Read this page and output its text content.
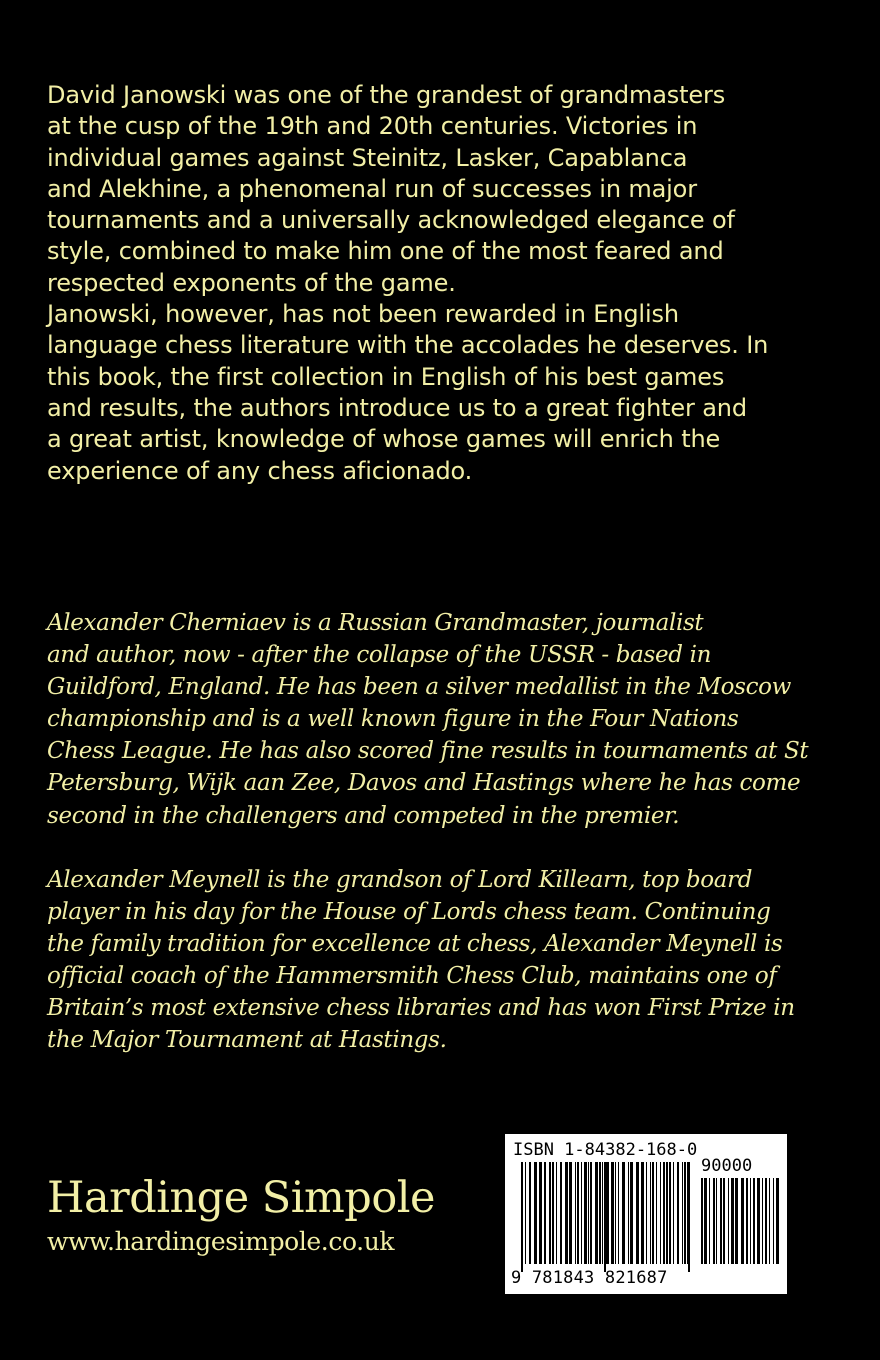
David Janowski was one of the grandest of grandmasters
at the cusp of the 19th and 20th centuries. Victories in
individual games against Steinitz, Lasker, Capablanca
and Alekhine, a phenomenal run of successes in major
tournaments and a universally acknowledged elegance of
style, combined to make him one of the most feared and
respected exponents of the game.
Janowski, however, has not been rewarded in English
language chess literature with the accolades he deserves. In
this book, the first collection in English of his best games
and results, the authors introduce us to a great fighter and
a great artist, knowledge of whose games will enrich the
experience of any chess aficionado.
Alexander Cherniaev is a Russian Grandmaster, journalist
and author, now - after the collapse of the USSR - based in
Guildford, England. He has been a silver medallist in the Moscow
championship and is a well known figure in the Four Nations
Chess League. He has also scored fine results in tournaments at St
Petersburg, Wijk aan Zee, Davos and Hastings where he has come
second in the challengers and competed in the premier.
Alexander Meynell is the grandson of Lord Killearn, top board
player in his day for the House of Lords chess team. Continuing
the family tradition for excellence at chess, Alexander Meynell is
official coach of the Hammersmith Chess Club, maintains one of
Britain’s most extensive chess libraries and has won First Prize in
the Major Tournament at Hastings.
Hardinge Simpole
www.hardingesimpole.co.uk
ISBN 1-84382-168-0
90000
9 781843 821687
